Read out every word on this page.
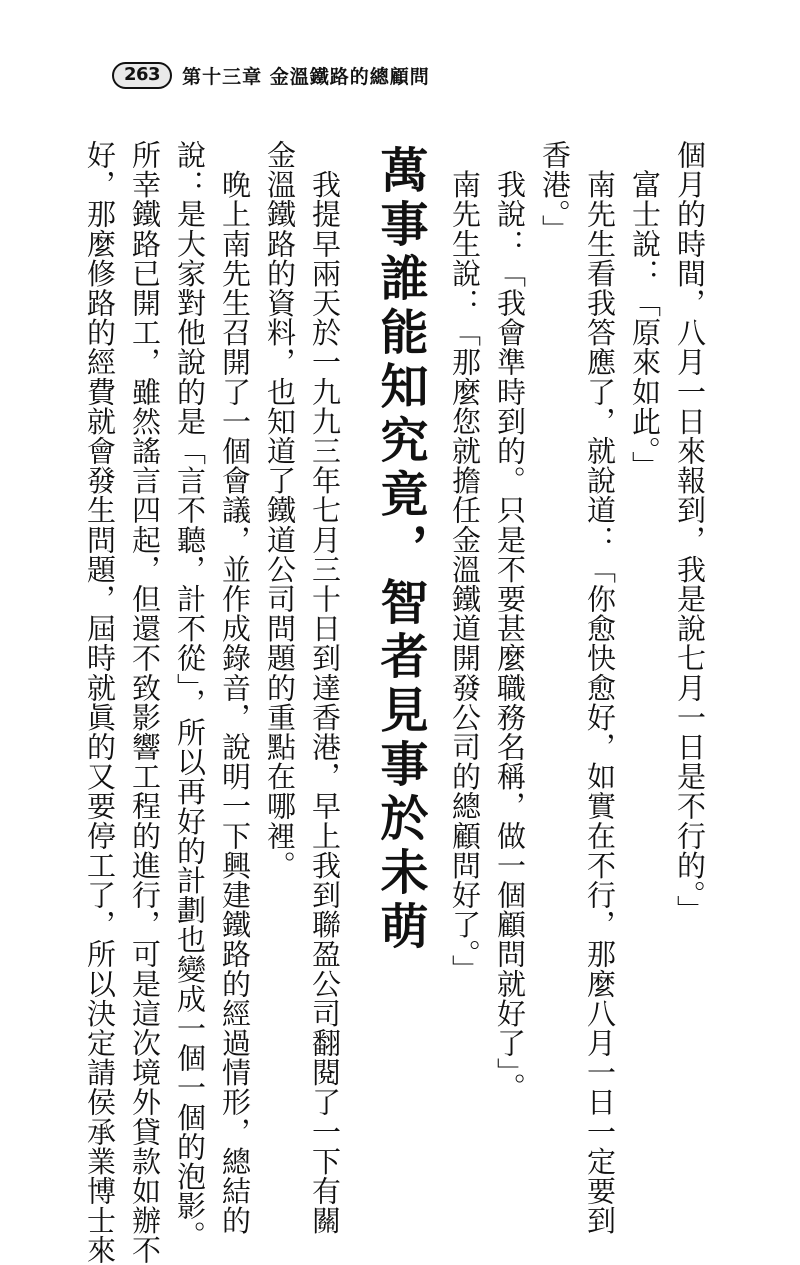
263	第十三章 金溫鐵路的總顧問
個月的時間，八月一日來報到，我是說七月一日是不行的。」
　富士說：「原來如此。」
　南先生看我答應了，就說道：「你愈快愈好，如實在不行，那麼八月一日一定要到
香港。」
　我說：「我會準時到的。只是不要甚麼職務名稱，做一個顧問就好了」。
　南先生說：「那麼您就擔任金溫鐵道開發公司的總顧問好了。」
萬事誰能知究竟，智者見事於未萌
　我提早兩天於一九九三年七月三十日到達香港，早上我到聯盈公司翻閱了一下有關
金溫鐵路的資料，也知道了鐵道公司問題的重點在哪裡。
　晚上南先生召開了一個會議，並作成錄音，說明一下興建鐵路的經過情形，總結的
說：是大家對他說的是「言不聽，計不從」，所以再好的計劃也變成一個一個的泡影。
所幸鐵路已開工，雖然謠言四起，但還不致影響工程的進行，可是這次境外貸款如辦不
好，那麼修路的經費就會發生問題，屆時就眞的又要停工了，所以決定請侯承業博士來
